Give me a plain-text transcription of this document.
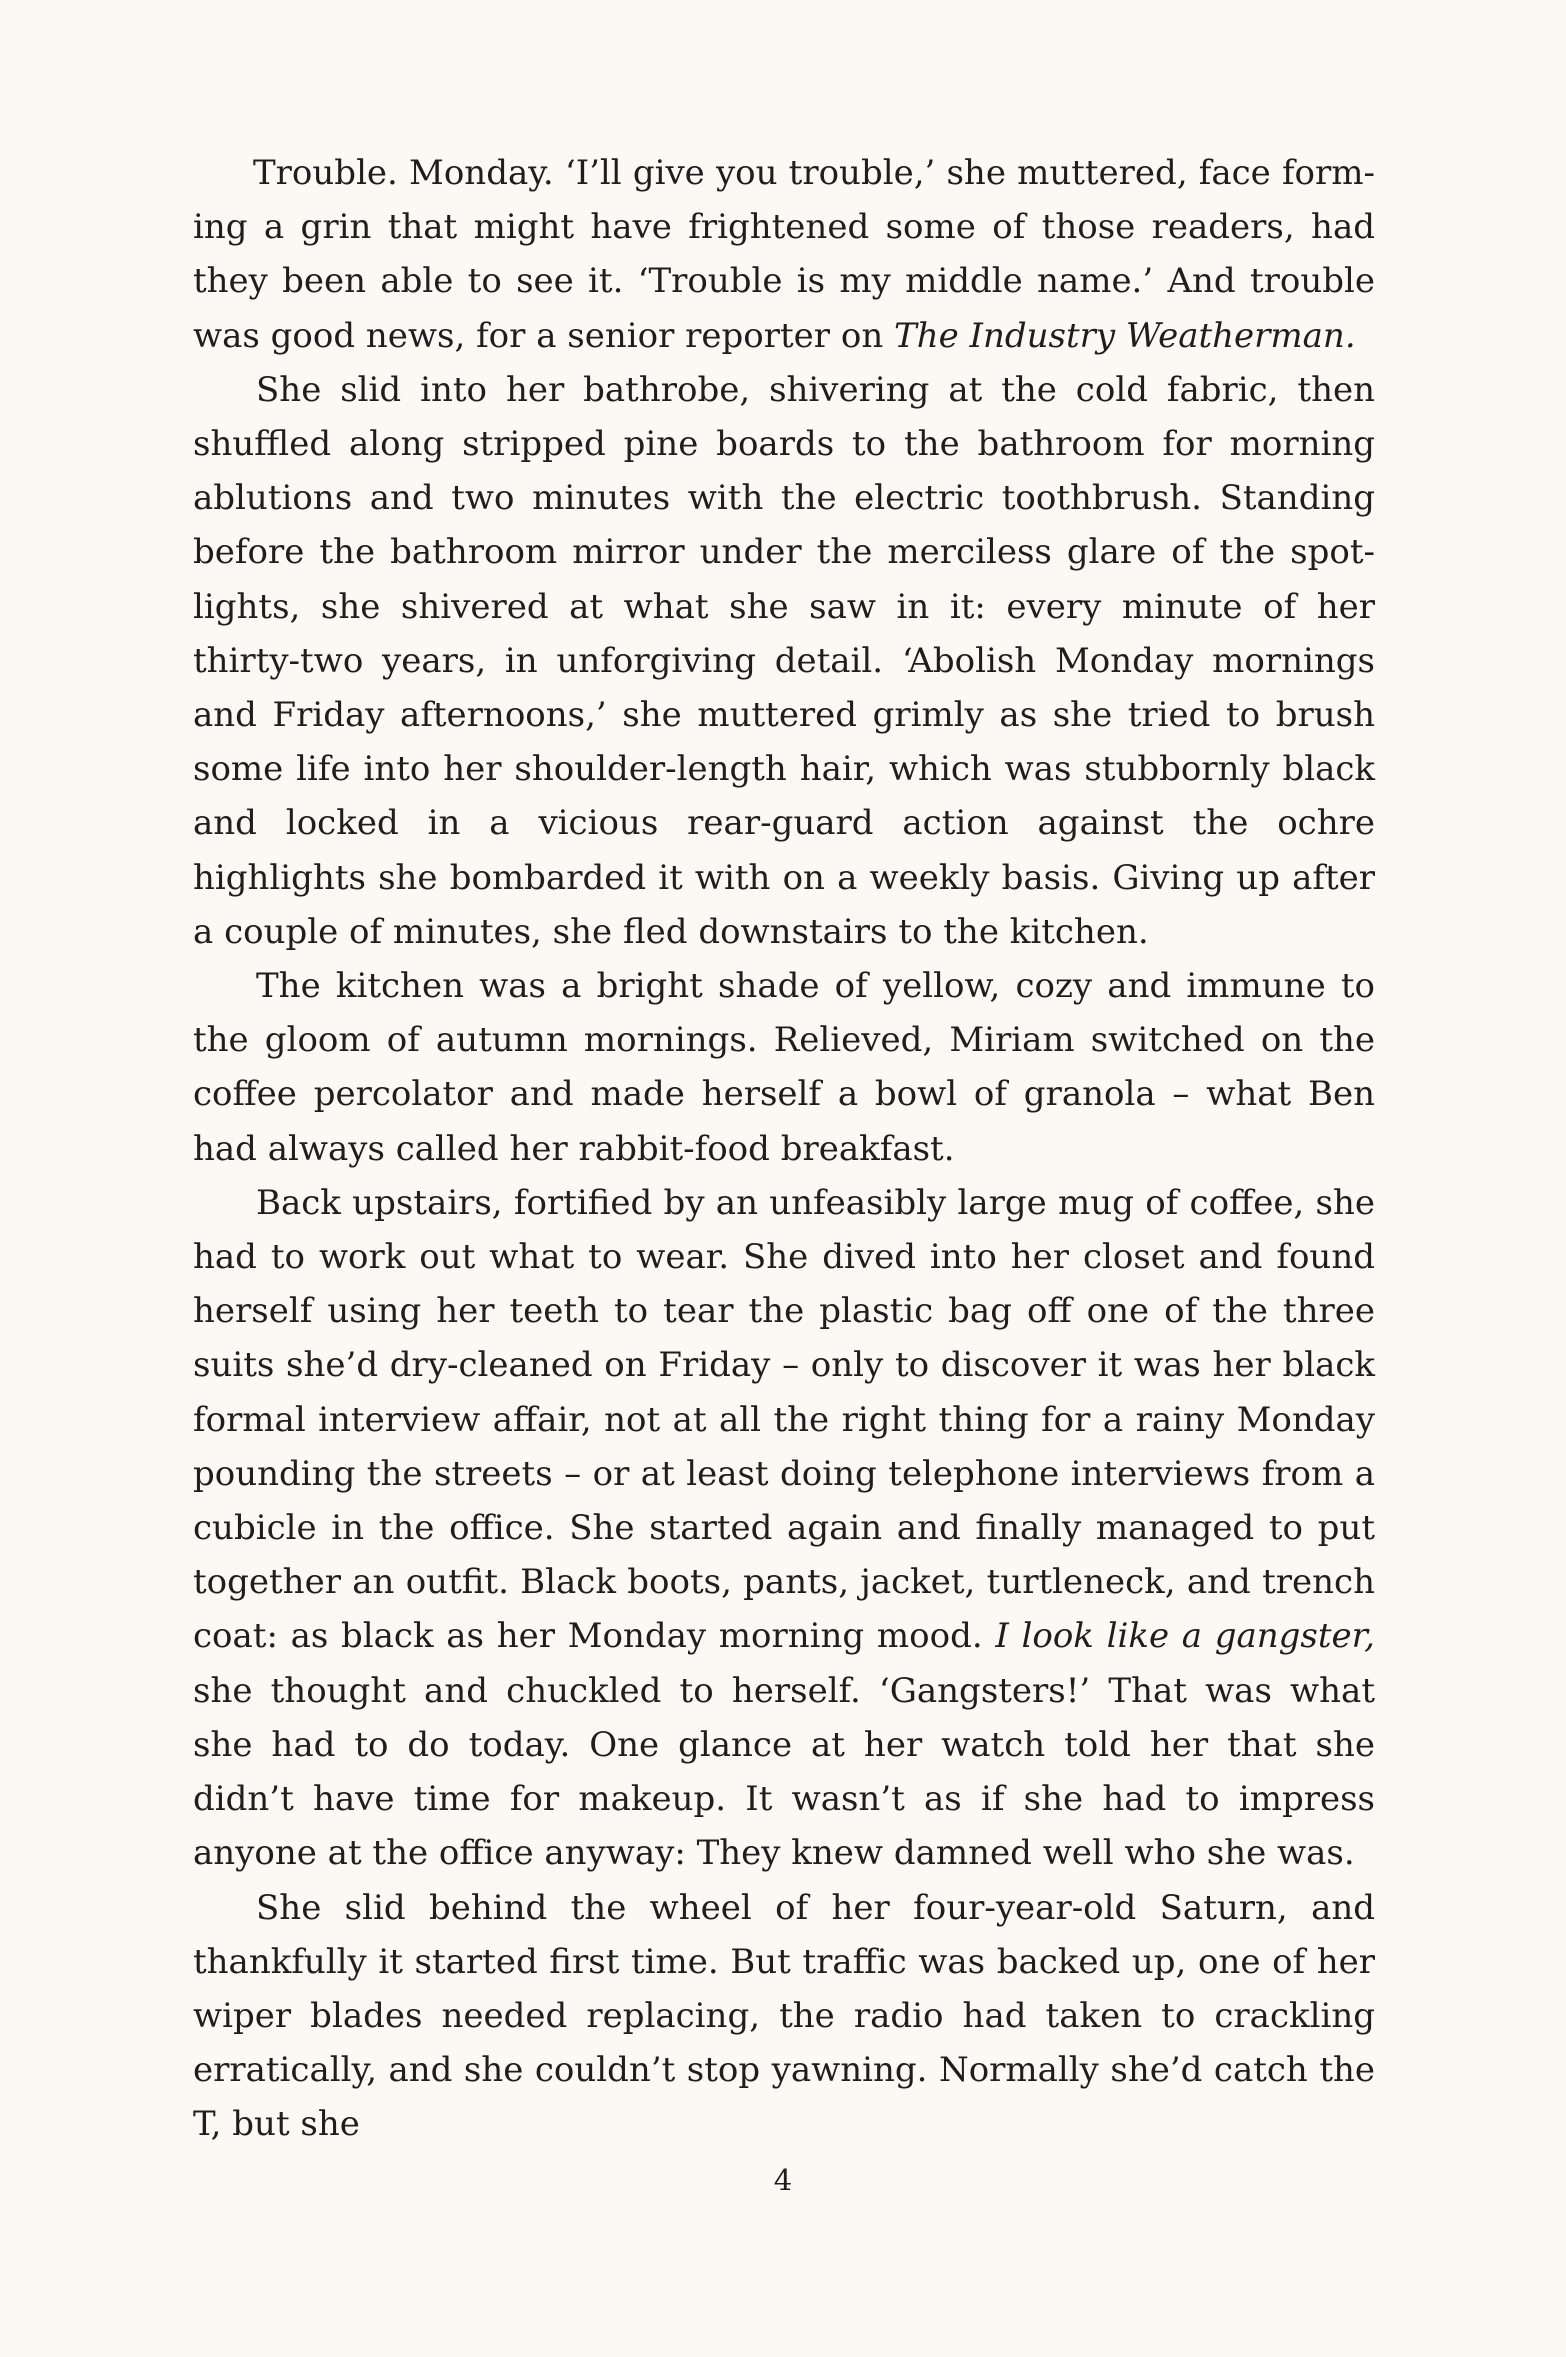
Trouble. Monday. ‘I’ll give you trouble,’ she muttered, face forming a grin that might have frightened some of those readers, had they been able to see it. ‘Trouble is my middle name.’ And trouble was good news, for a senior reporter on The Industry Weatherman.

She slid into her bathrobe, shivering at the cold fabric, then shuffled along stripped pine boards to the bathroom for morning ablutions and two minutes with the electric toothbrush. Standing before the bathroom mirror under the merciless glare of the spotlights, she shivered at what she saw in it: every minute of her thirty-two years, in unforgiving detail. ‘Abolish Monday mornings and Friday afternoons,’ she muttered grimly as she tried to brush some life into her shoulder-length hair, which was stubbornly black and locked in a vicious rear-guard action against the ochre highlights she bombarded it with on a weekly basis. Giving up after a couple of minutes, she fled downstairs to the kitchen.

The kitchen was a bright shade of yellow, cozy and immune to the gloom of autumn mornings. Relieved, Miriam switched on the coffee percolator and made herself a bowl of granola – what Ben had always called her rabbit-food breakfast.

Back upstairs, fortified by an unfeasibly large mug of coffee, she had to work out what to wear. She dived into her closet and found herself using her teeth to tear the plastic bag off one of the three suits she’d dry-cleaned on Friday – only to discover it was her black formal interview affair, not at all the right thing for a rainy Monday pounding the streets – or at least doing telephone interviews from a cubicle in the office. She started again and finally managed to put together an outfit. Black boots, pants, jacket, turtleneck, and trench coat: as black as her Monday morning mood. I look like a gangster, she thought and chuckled to herself. ‘Gangsters!’ That was what she had to do today. One glance at her watch told her that she didn’t have time for makeup. It wasn’t as if she had to impress anyone at the office anyway: They knew damned well who she was.

She slid behind the wheel of her four-year-old Saturn, and thankfully it started first time. But traffic was backed up, one of her wiper blades needed replacing, the radio had taken to crackling erratically, and she couldn’t stop yawning. Normally she’d catch the T, but she

4
